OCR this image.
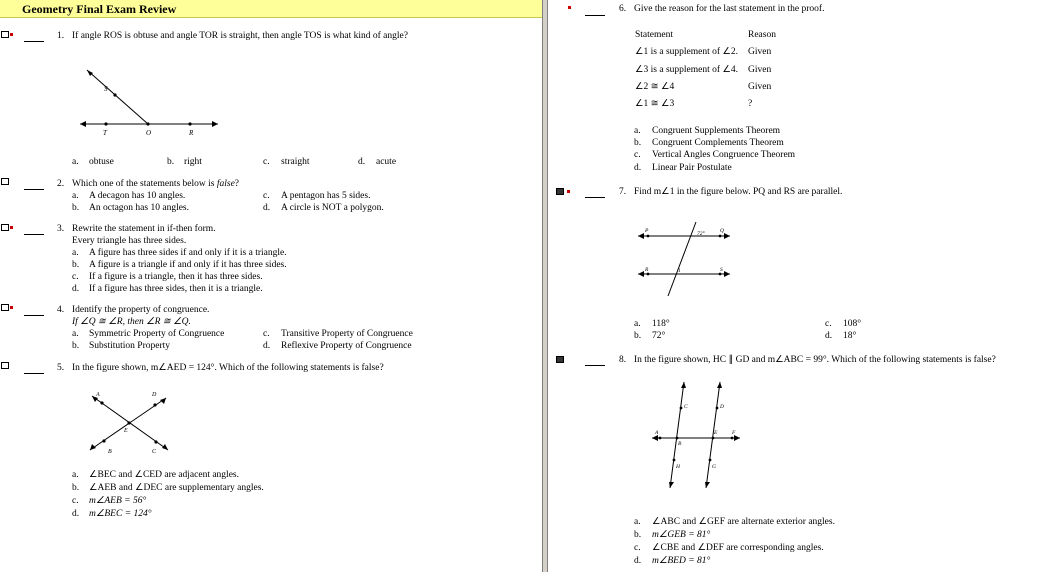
Geometry Final Exam Review
1. If angle ROS is obtuse and angle TOR is straight, then angle TOS is what kind of angle?
S
T	O	R
a. obtuse	b. right	c. straight	d. acute
2. Which one of the statements below is false?
a. A decagon has 10 angles.
b. An octagon has 10 angles.
c. A pentagon has 5 sides.
d. A circle is NOT a polygon.
3. Rewrite the statement in if-then form.
Every triangle has three sides.
a. A figure has three sides if and only if it is a triangle.
b. A figure is a triangle if and only if it has three sides.
c. If a figure is a triangle, then it has three sides.
d. If a figure has three sides, then it is a triangle.
4. Identify the property of congruence.
If ∠Q ≅ ∠R, then ∠R ≅ ∠Q.
a. Symmetric Property of Congruence
b. Substitution Property
c. Transitive Property of Congruence
d. Reflexive Property of Congruence
5. In the figure shown, m∠AED = 124°. Which of the following statements is false?
A	D
E
B	C
a. ∠BEC and ∠CED are adjacent angles.
b. ∠AEB and ∠DEC are supplementary angles.
c. m∠AEB = 56°
d. m∠BEC = 124°
6. Give the reason for the last statement in the proof.
Statement	Reason
∠1 is a supplement of ∠2. Given
∠3 is a supplement of ∠4. Given
∠2 ≅ ∠4	Given
∠1 ≅ ∠3	?
a. Congruent Supplements Theorem
b. Congruent Complements Theorem
c. Vertical Angles Congruence Theorem
d. Linear Pair Postulate
7. Find m∠1 in the figure below. PQ and RS are parallel.
P	Q
R	S
72°
1
a. 118°
b. 72°
c. 108°
d. 18°
8. In the figure shown, HC ∥ GD and m∠ABC = 99°. Which of the following statements is false?
A
B
E	F
C	D
H	G
a. ∠ABC and ∠GEF are alternate exterior angles.
b. m∠GEB = 81°
c. ∠CBE and ∠DEF are corresponding angles.
d. m∠BED = 81°
